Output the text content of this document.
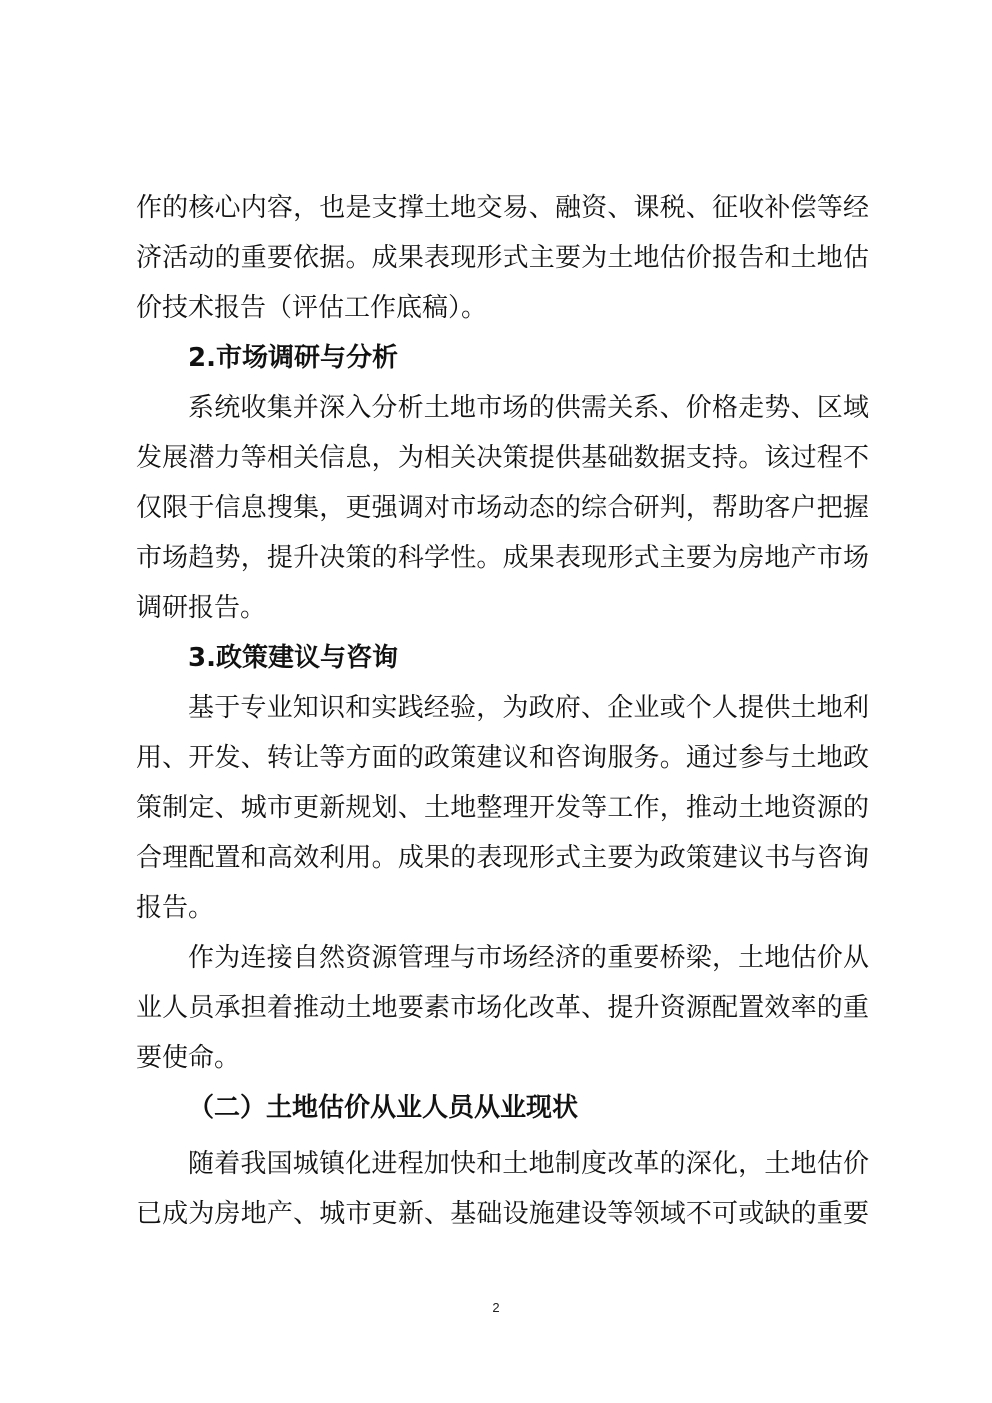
作的核心内容，也是支撑土地交易、融资、课税、征收补偿等经
济活动的重要依据。成果表现形式主要为土地估价报告和土地估
价技术报告（评估工作底稿）。
2.市场调研与分析
系统收集并深入分析土地市场的供需关系、价格走势、区域
发展潜力等相关信息，为相关决策提供基础数据支持。该过程不
仅限于信息搜集，更强调对市场动态的综合研判，帮助客户把握
市场趋势，提升决策的科学性。成果表现形式主要为房地产市场
调研报告。
3.政策建议与咨询
基于专业知识和实践经验，为政府、企业或个人提供土地利
用、开发、转让等方面的政策建议和咨询服务。通过参与土地政
策制定、城市更新规划、土地整理开发等工作，推动土地资源的
合理配置和高效利用。成果的表现形式主要为政策建议书与咨询
报告。
作为连接自然资源管理与市场经济的重要桥梁，土地估价从
业人员承担着推动土地要素市场化改革、提升资源配置效率的重
要使命。
（二）土地估价从业人员从业现状
随着我国城镇化进程加快和土地制度改革的深化，土地估价
已成为房地产、城市更新、基础设施建设等领域不可或缺的重要
2
